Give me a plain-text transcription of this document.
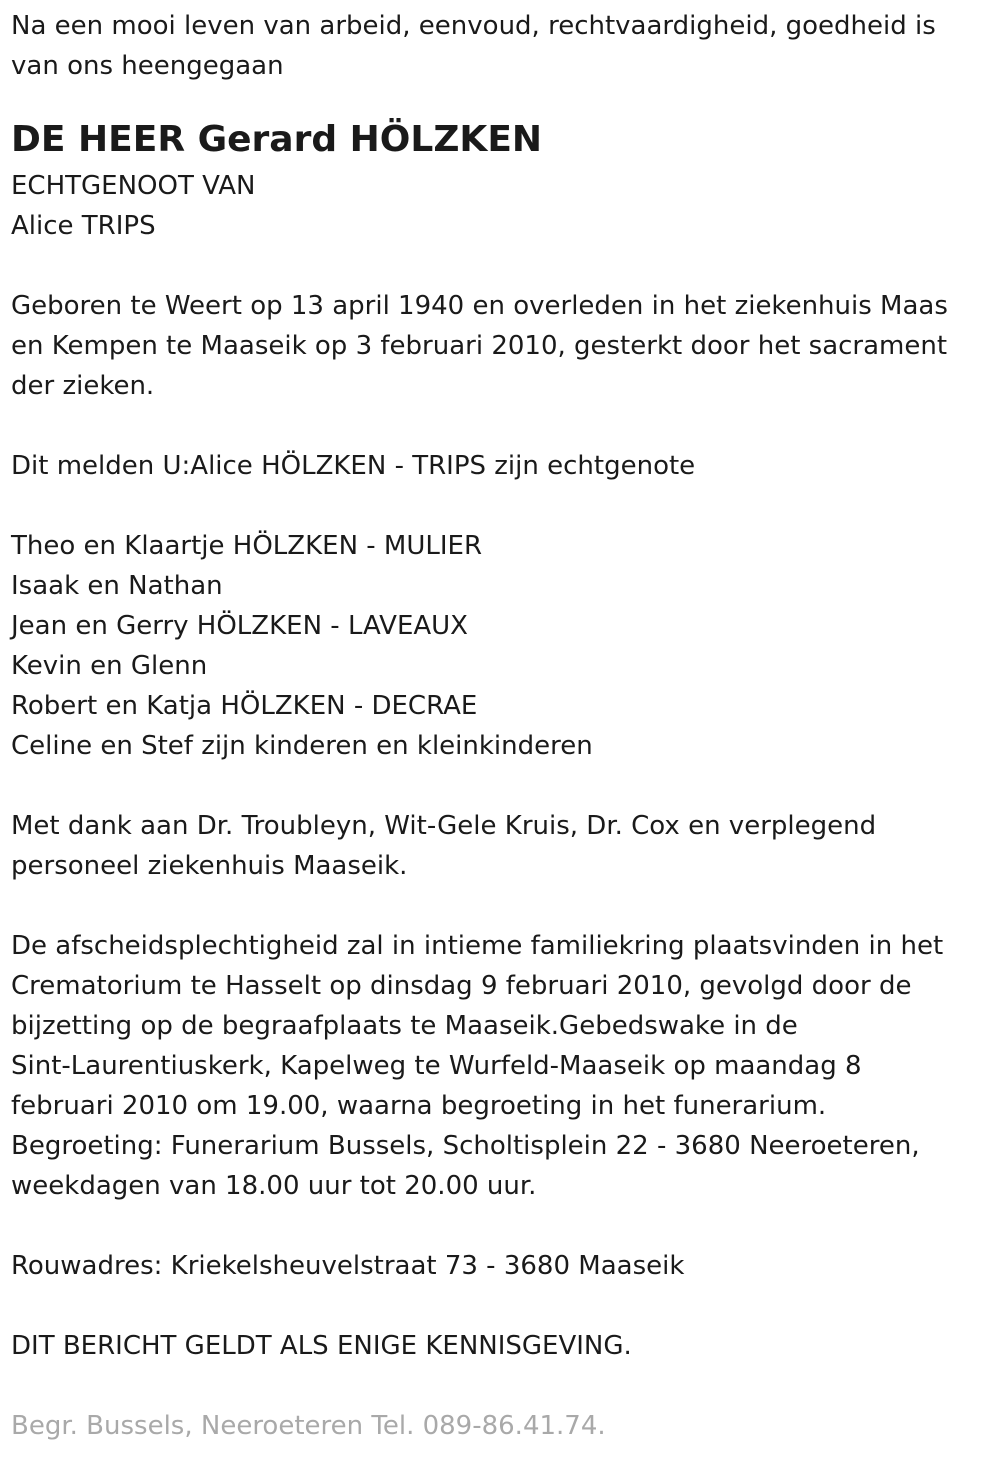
Na een mooi leven van arbeid, eenvoud, rechtvaardigheid, goedheid is

van ons heengegaan

DE HEER Gerard HÖLZKEN

ECHTGENOOT VAN

Alice TRIPS

Geboren te Weert op 13 april 1940 en overleden in het ziekenhuis Maas

en Kempen te Maaseik op 3 februari 2010, gesterkt door het sacrament

der zieken.

Dit melden U:Alice HÖLZKEN - TRIPS zijn echtgenote

Theo en Klaartje HÖLZKEN - MULIER

Isaak en Nathan

Jean en Gerry HÖLZKEN - LAVEAUX

Kevin en Glenn

Robert en Katja HÖLZKEN - DECRAE

Celine en Stef zijn kinderen en kleinkinderen

Met dank aan Dr. Troubleyn, Wit-Gele Kruis, Dr. Cox en verplegend

personeel ziekenhuis Maaseik.

De afscheidsplechtigheid zal in intieme familiekring plaatsvinden in het

Crematorium te Hasselt op dinsdag 9 februari 2010, gevolgd door de

bijzetting op de begraafplaats te Maaseik.Gebedswake in de

Sint-Laurentiuskerk, Kapelweg te Wurfeld-Maaseik op maandag 8

februari 2010 om 19.00, waarna begroeting in het funerarium.

Begroeting: Funerarium Bussels, Scholtisplein 22 - 3680 Neeroeteren,

weekdagen van 18.00 uur tot 20.00 uur.

Rouwadres: Kriekelsheuvelstraat 73 - 3680 Maaseik

DIT BERICHT GELDT ALS ENIGE KENNISGEVING.

Begr. Bussels, Neeroeteren Tel. 089-86.41.74.
